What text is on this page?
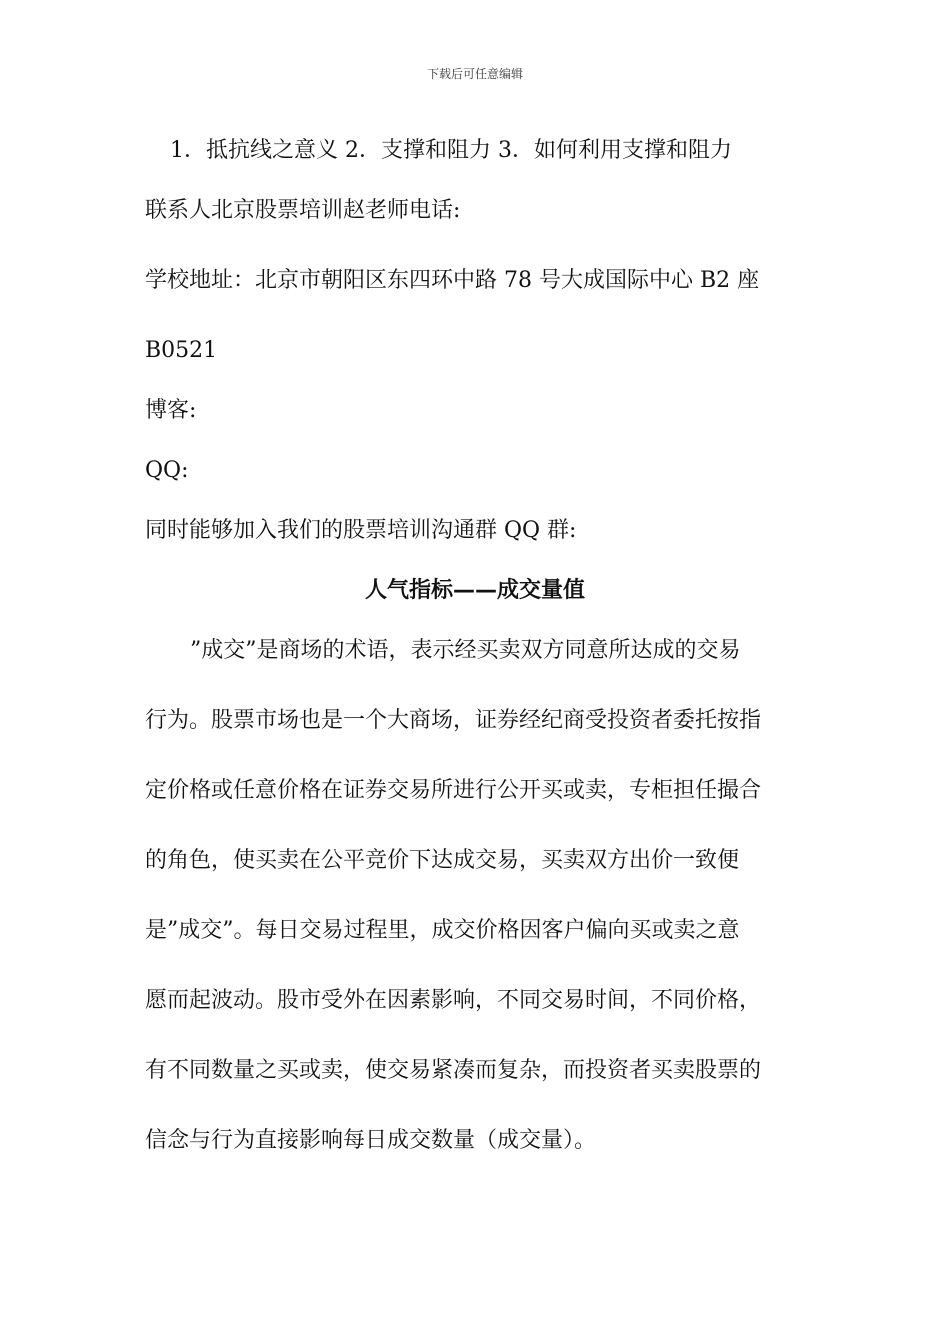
下载后可任意编辑
1．抵抗线之意义 2．支撑和阻力 3．如何利用支撑和阻力
联系人北京股票培训赵老师电话:
学校地址：北京市朝阳区东四环中路 78 号大成国际中心 B2 座
B0521
博客:
QQ:
同时能够加入我们的股票培训沟通群 QQ 群:
人气指标——成交量值
”成交”是商场的术语，表示经买卖双方同意所达成的交易
行为。股票市场也是一个大商场，证券经纪商受投资者委托按指
定价格或任意价格在证券交易所进行公开买或卖，专柜担任撮合
的角色，使买卖在公平竞价下达成交易，买卖双方出价一致便
是”成交”。每日交易过程里，成交价格因客户偏向买或卖之意
愿而起波动。股市受外在因素影响，不同交易时间，不同价格，
有不同数量之买或卖，使交易紧凑而复杂，而投资者买卖股票的
信念与行为直接影响每日成交数量（成交量）。
